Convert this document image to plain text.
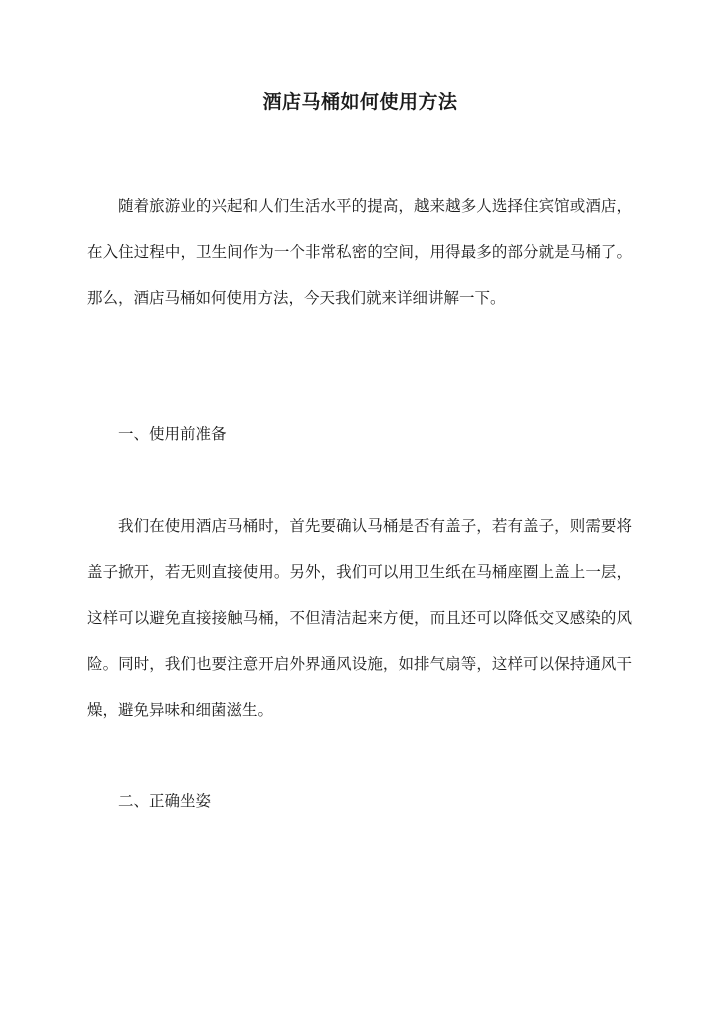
酒店马桶如何使用方法

随着旅游业的兴起和人们生活水平的提高，越来越多人选择住宾馆或酒店，在入住过程中，卫生间作为一个非常私密的空间，用得最多的部分就是马桶了。那么，酒店马桶如何使用方法，今天我们就来详细讲解一下。

一、使用前准备

我们在使用酒店马桶时，首先要确认马桶是否有盖子，若有盖子，则需要将盖子掀开，若无则直接使用。另外，我们可以用卫生纸在马桶座圈上盖上一层，这样可以避免直接接触马桶，不但清洁起来方便，而且还可以降低交叉感染的风险。同时，我们也要注意开启外界通风设施，如排气扇等，这样可以保持通风干燥，避免异味和细菌滋生。

二、正确坐姿
